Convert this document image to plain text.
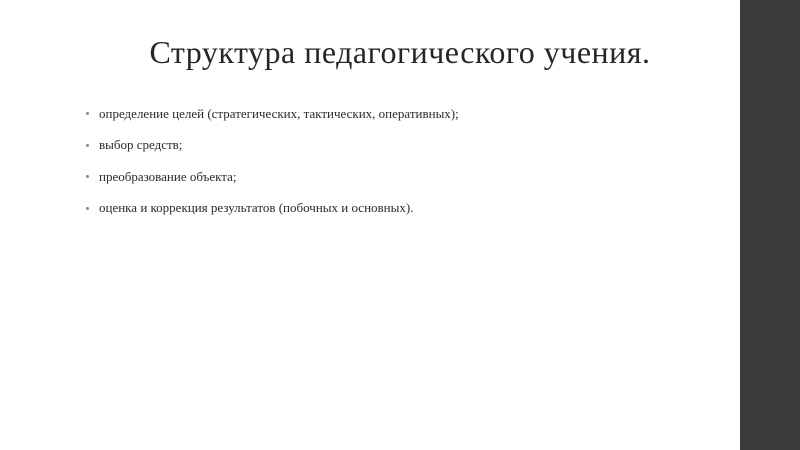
Структура педагогического учения.
определение целей (стратегических, тактических, оперативных);
выбор средств;
преобразование объекта;
оценка и коррекция результатов (побочных и основных).
